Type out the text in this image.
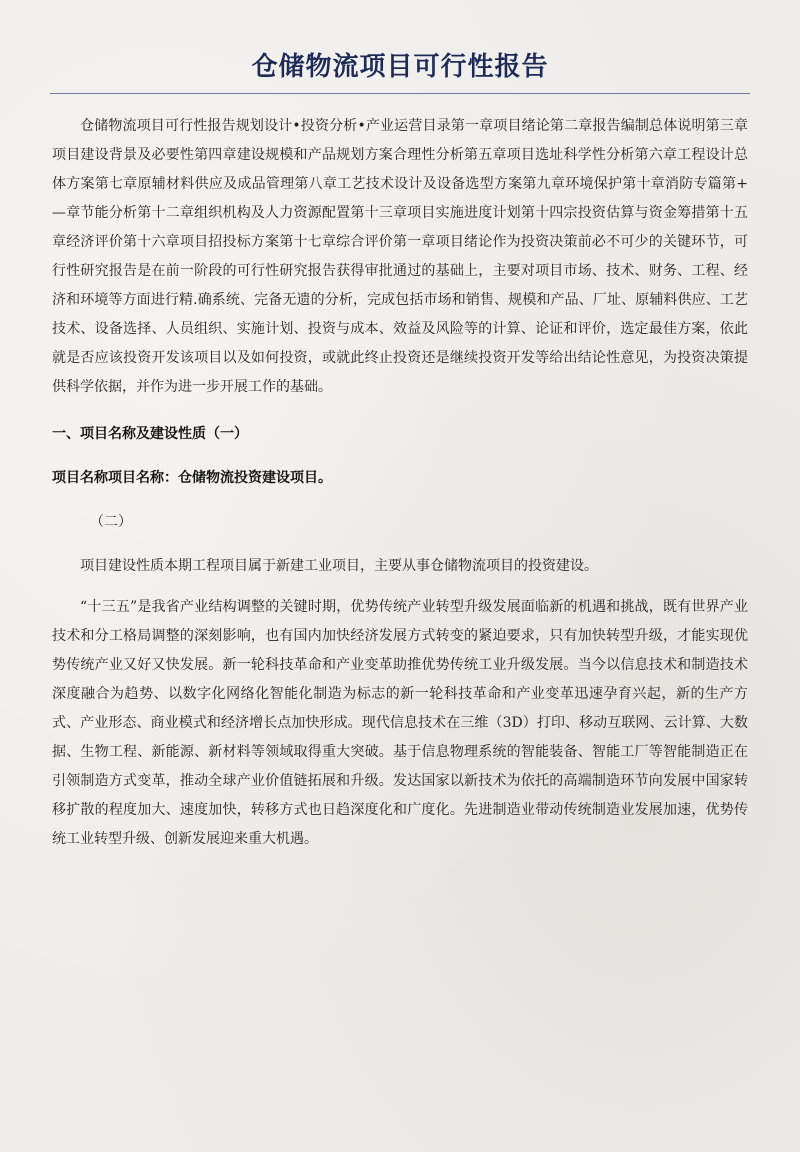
仓储物流项目可行性报告

仓储物流项目可行性报告规划设计•投资分析•产业运营目录第一章项目绪论第二章报告编制总体说明第三章项目建设背景及必要性第四章建设规模和产品规划方案合理性分析第五章项目选址科学性分析第六章工程设计总体方案第七章原辅材料供应及成品管理第八章工艺技术设计及设备选型方案第九章环境保护第十章消防专篇第+—章节能分析第十二章组织机构及人力资源配置第十三章项目实施进度计划第十四宗投资估算与资金筹措第十五章经济评价第十六章项目招投标方案第十七章综合评价第一章项目绪论作为投资决策前必不可少的关键环节，可行性研究报告是在前一阶段的可行性研究报告获得审批通过的基础上，主要对项目市场、技术、财务、工程、经济和环境等方面进行精.确系统、完备无遗的分析，完成包括市场和销售、规模和产品、厂址、原辅料供应、工艺技术、设备选择、人员组织、实施计划、投资与成本、效益及风险等的计算、论证和评价，选定最佳方案，依此就是否应该投资开发该项目以及如何投资，或就此终止投资还是继续投资开发等给出结论性意见，为投资决策提供科学依据，并作为进一步开展工作的基础。

一、项目名称及建设性质（一）

项目名称项目名称：仓储物流投资建设项目。

（二）

项目建设性质本期工程项目属于新建工业项目，主要从事仓储物流项目的投资建设。

“十三五”是我省产业结构调整的关键时期，优势传统产业转型升级发展面临新的机遇和挑战，既有世界产业技术和分工格局调整的深刻影响，也有国内加快经济发展方式转变的紧迫要求，只有加快转型升级，才能实现优势传统产业又好又快发展。新一轮科技革命和产业变革助推优势传统工业升级发展。当今以信息技术和制造技术深度融合为趋势、以数字化网络化智能化制造为标志的新一轮科技革命和产业变革迅速孕育兴起，新的生产方式、产业形态、商业模式和经济增长点加快形成。现代信息技术在三维（3D）打印、移动互联网、云计算、大数据、生物工程、新能源、新材料等领域取得重大突破。基于信息物理系统的智能装备、智能工厂等智能制造正在引领制造方式变革，推动全球产业价值链拓展和升级。发达国家以新技术为依托的高端制造环节向发展中国家转移扩散的程度加大、速度加快，转移方式也日趋深度化和广度化。先进制造业带动传统制造业发展加速，优势传统工业转型升级、创新发展迎来重大机遇。
